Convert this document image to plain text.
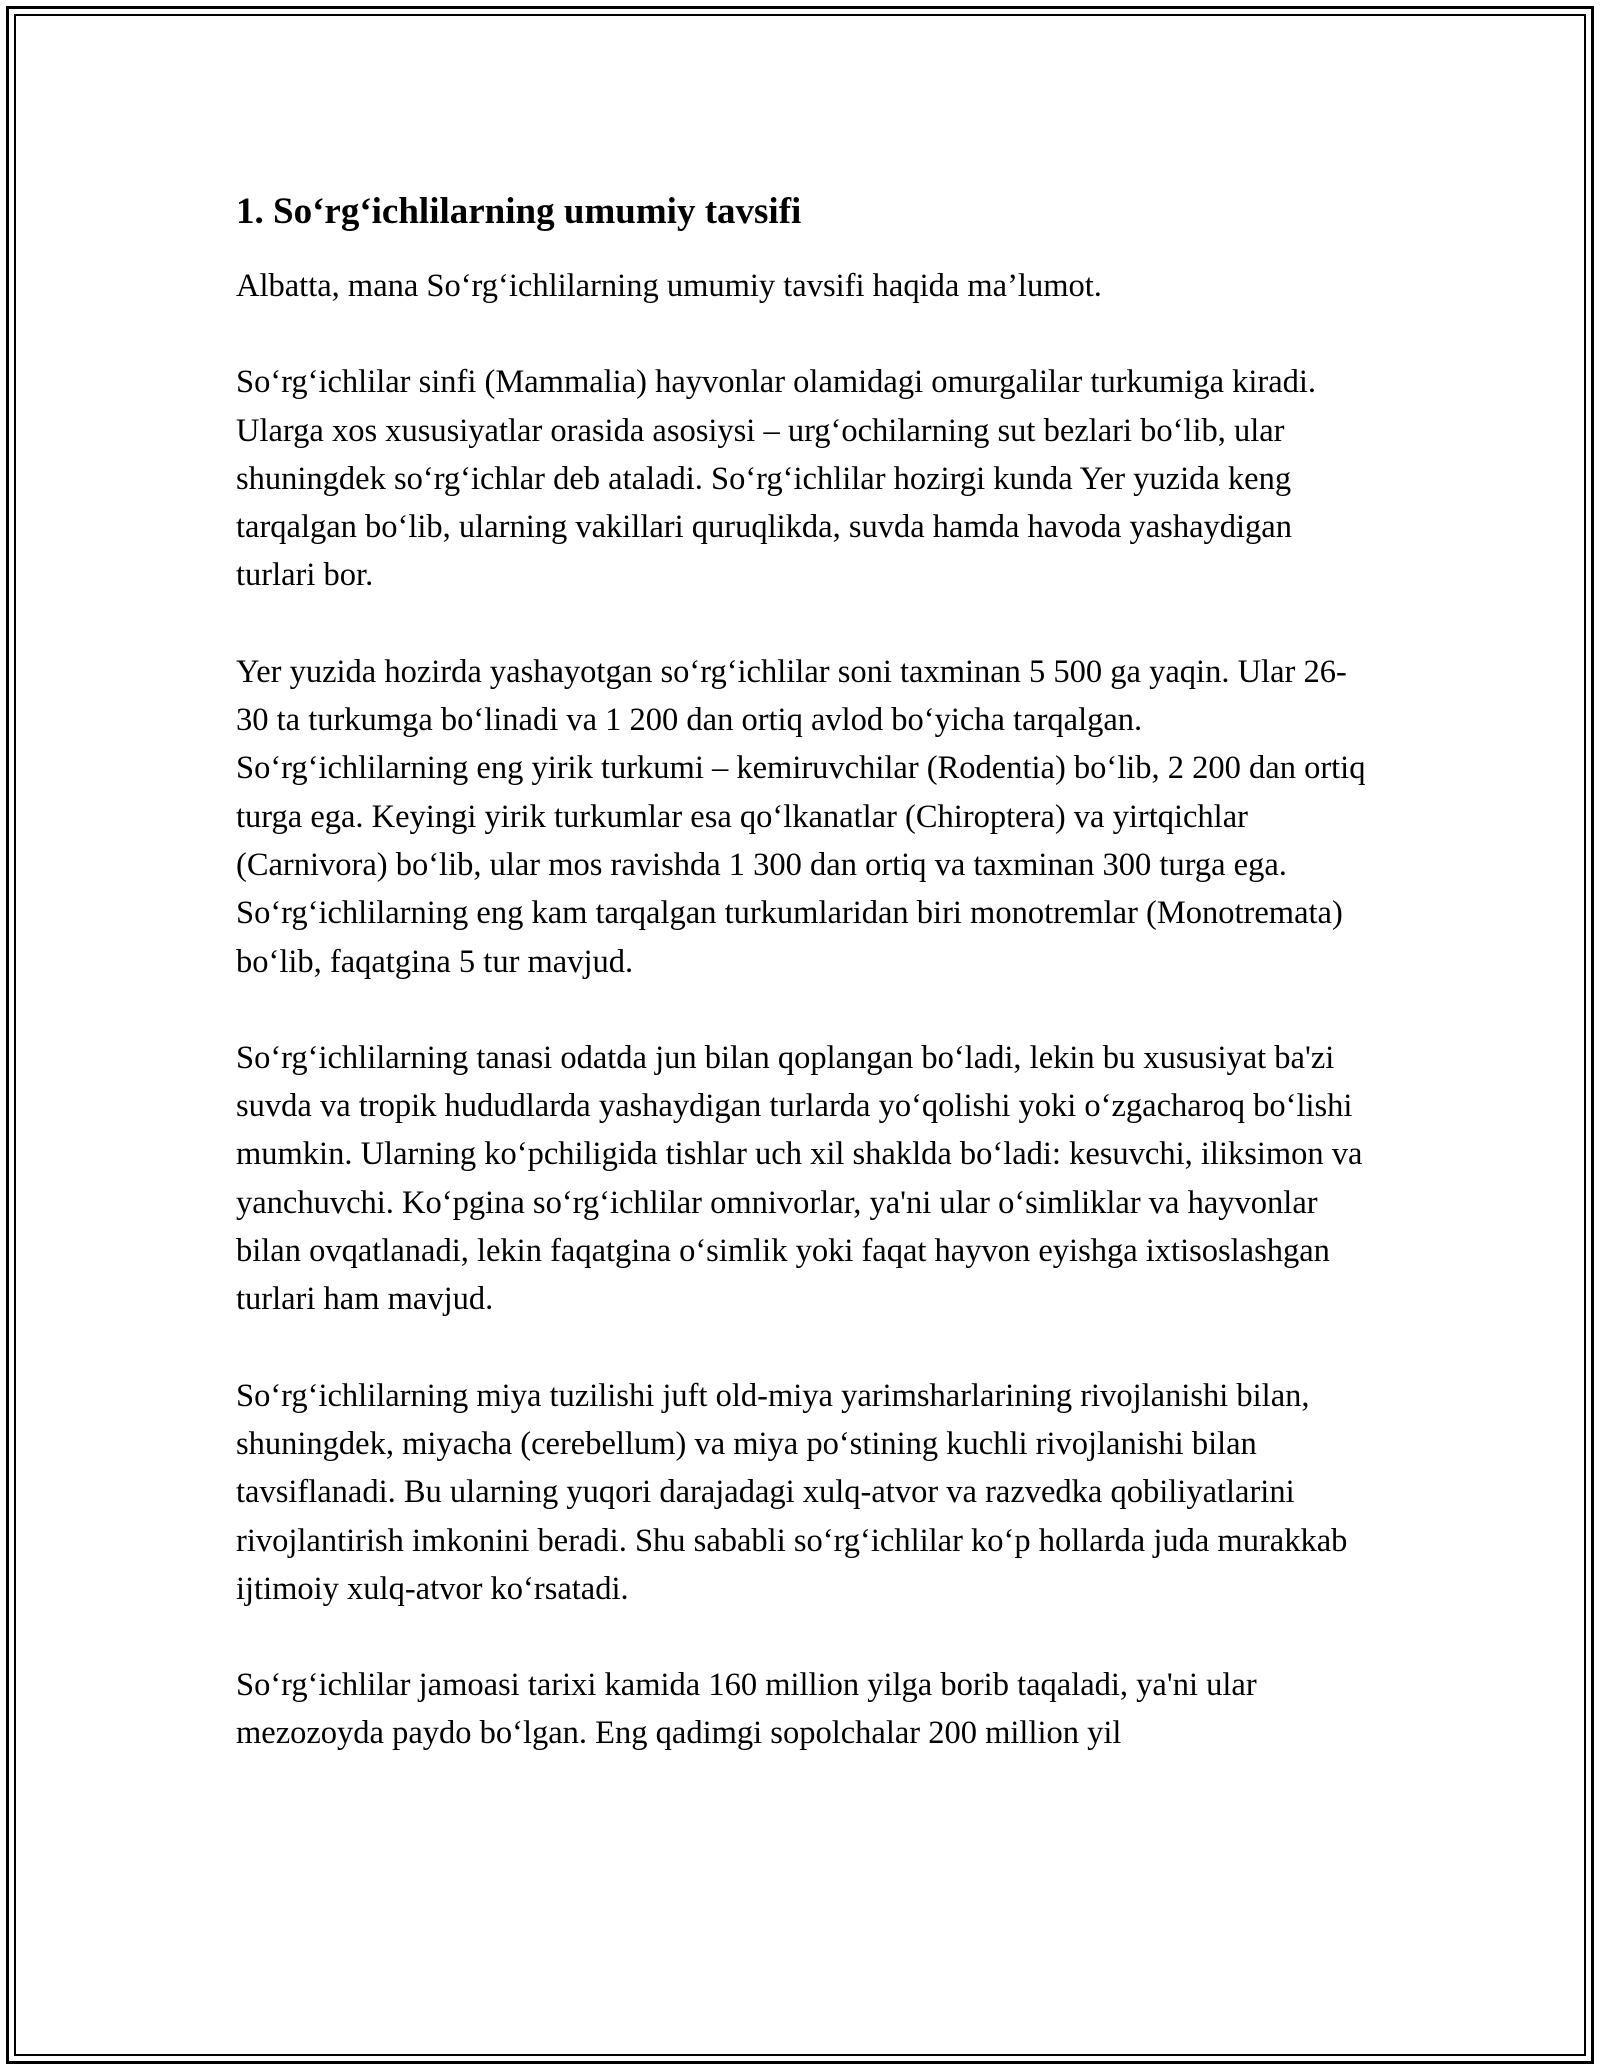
1. So‘rg‘ichlilarning umumiy tavsifi

Albatta, mana So‘rg‘ichlilarning umumiy tavsifi haqida ma’lumot.

So‘rg‘ichlilar sinfi (Mammalia) hayvonlar olamidagi omurgalilar turkumiga kiradi. Ularga xos xususiyatlar orasida asosiysi – urg‘ochilarning sut bezlari bo‘lib, ular shuningdek so‘rg‘ichlar deb ataladi. So‘rg‘ichlilar hozirgi kunda Yer yuzida keng tarqalgan bo‘lib, ularning vakillari quruqlikda, suvda hamda havoda yashaydigan turlari bor.

Yer yuzida hozirda yashayotgan so‘rg‘ichlilar soni taxminan 5 500 ga yaqin. Ular 26-30 ta turkumga bo‘linadi va 1 200 dan ortiq avlod bo‘yicha tarqalgan. So‘rg‘ichlilarning eng yirik turkumi – kemiruvchilar (Rodentia) bo‘lib, 2 200 dan ortiq turga ega. Keyingi yirik turkumlar esa qo‘lkanatlar (Chiroptera) va yirtqichlar (Carnivora) bo‘lib, ular mos ravishda 1 300 dan ortiq va taxminan 300 turga ega. So‘rg‘ichlilarning eng kam tarqalgan turkumlaridan biri monotremlar (Monotremata) bo‘lib, faqatgina 5 tur mavjud.

So‘rg‘ichlilarning tanasi odatda jun bilan qoplangan bo‘ladi, lekin bu xususiyat ba'zi suvda va tropik hududlarda yashaydigan turlarda yo‘qolishi yoki o‘zgacharoq bo‘lishi mumkin. Ularning ko‘pchiligida tishlar uch xil shaklda bo‘ladi: kesuvchi, iliksimon va yanchuvchi. Ko‘pgina so‘rg‘ichlilar omnivorlar, ya'ni ular o‘simliklar va hayvonlar bilan ovqatlanadi, lekin faqatgina o‘simlik yoki faqat hayvon eyishga ixtisoslashgan turlari ham mavjud.

So‘rg‘ichlilarning miya tuzilishi juft old-miya yarimsharlarining rivojlanishi bilan, shuningdek, miyacha (cerebellum) va miya po‘stining kuchli rivojlanishi bilan tavsiflanadi. Bu ularning yuqori darajadagi xulq-atvor va razvedka qobiliyatlarini rivojlantirish imkonini beradi. Shu sababli so‘rg‘ichlilar ko‘p hollarda juda murakkab ijtimoiy xulq-atvor ko‘rsatadi.

So‘rg‘ichlilar jamoasi tarixi kamida 160 million yilga borib taqaladi, ya'ni ular mezozoyda paydo bo‘lgan. Eng qadimgi sopolchalar 200 million yil
